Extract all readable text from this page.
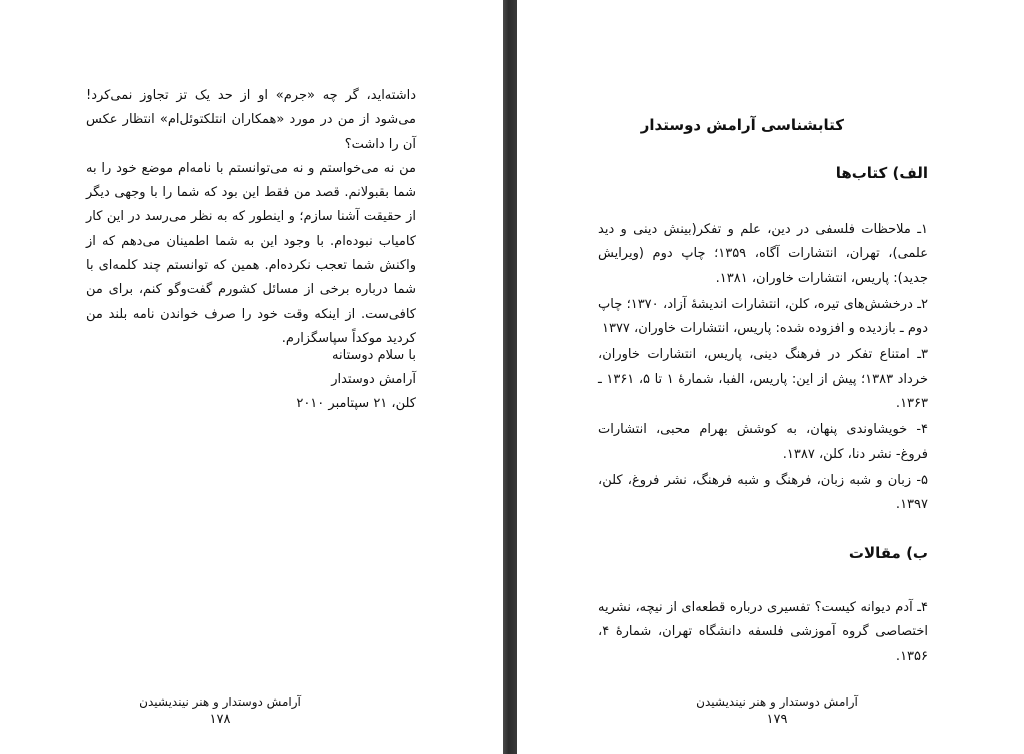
داشته‌اید، گر چه «جرم» او از حد یک تز تجاوز نمی‌کرد! می‌شود از من در مورد «همکاران انتلکتوئل‌ام» انتظار عکس آن را داشت؟

من نه می‌خواستم و نه می‌توانستم با نامه‌ام موضع خود را به شما بقبولانم. قصد من فقط این بود که شما را با وجهی دیگر از حقیقت آشنا سازم؛ و اینطور که به نظر می‌رسد در این کار کامیاب نبوده‌ام. با وجود این به شما اطمینان می‌دهم که از واکنش شما تعجب نکرده‌ام. همین که توانستم چند کلمه‌ای با شما درباره برخی از مسائل کشورم گفت‌وگو کنم، برای من کافی‌ست. از اینکه وقت خود را صرف خواندن نامه بلند من کردید موکداً سپاسگزارم.

با سلام دوستانه
آرامش دوستدار
کلن، ۲۱ سپتامبر ۲۰۱۰
آرامش دوستدار و هنر نیندیشیدن
۱۷۸
کتابشناسی آرامش دوستدار
الف) کتاب‌ها

۱ـ ملاحظات فلسفی در دین، علم و تفکر(بینش دینی و دید علمی)، تهران، انتشارات آگاه، ۱۳۵۹؛ چاپ دوم (ویرایش جدید): پاریس، انتشارات خاوران، ۱۳۸۱.

۲ـ درخشش‌های تیره، کلن، انتشارات اندیشهٔ آزاد، ۱۳۷۰؛ چاپ دوم ـ بازدیده و افزوده شده: پاریس، انتشارات خاوران، ۱۳۷۷

۳ـ امتناع تفکر در فرهنگ دینی، پاریس، انتشارات خاوران، خرداد ۱۳۸۳؛ پیش از این: پاریس، الفبا، شمارهٔ ۱ تا ۵، ۱۳۶۱ ـ ۱۳۶۳.

۴- خویشاوندی پنهان، به کوشش بهرام محبی، انتشارات فروغ- نشر دنا، کلن، ۱۳۸۷.

۵- زبان و شبه زبان، فرهنگ و شبه فرهنگ، نشر فروغ، کلن، ۱۳۹۷.

ب) مقالات

۴ـ آدم دیوانه کیست؟ تفسیری درباره قطعه‌ای از نیچه، نشریه اختصاصی گروه آموزشی فلسفه دانشگاه تهران، شمارهٔ ۴، ۱۳۵۶.

آرامش دوستدار و هنر نیندیشیدن
۱۷۹
